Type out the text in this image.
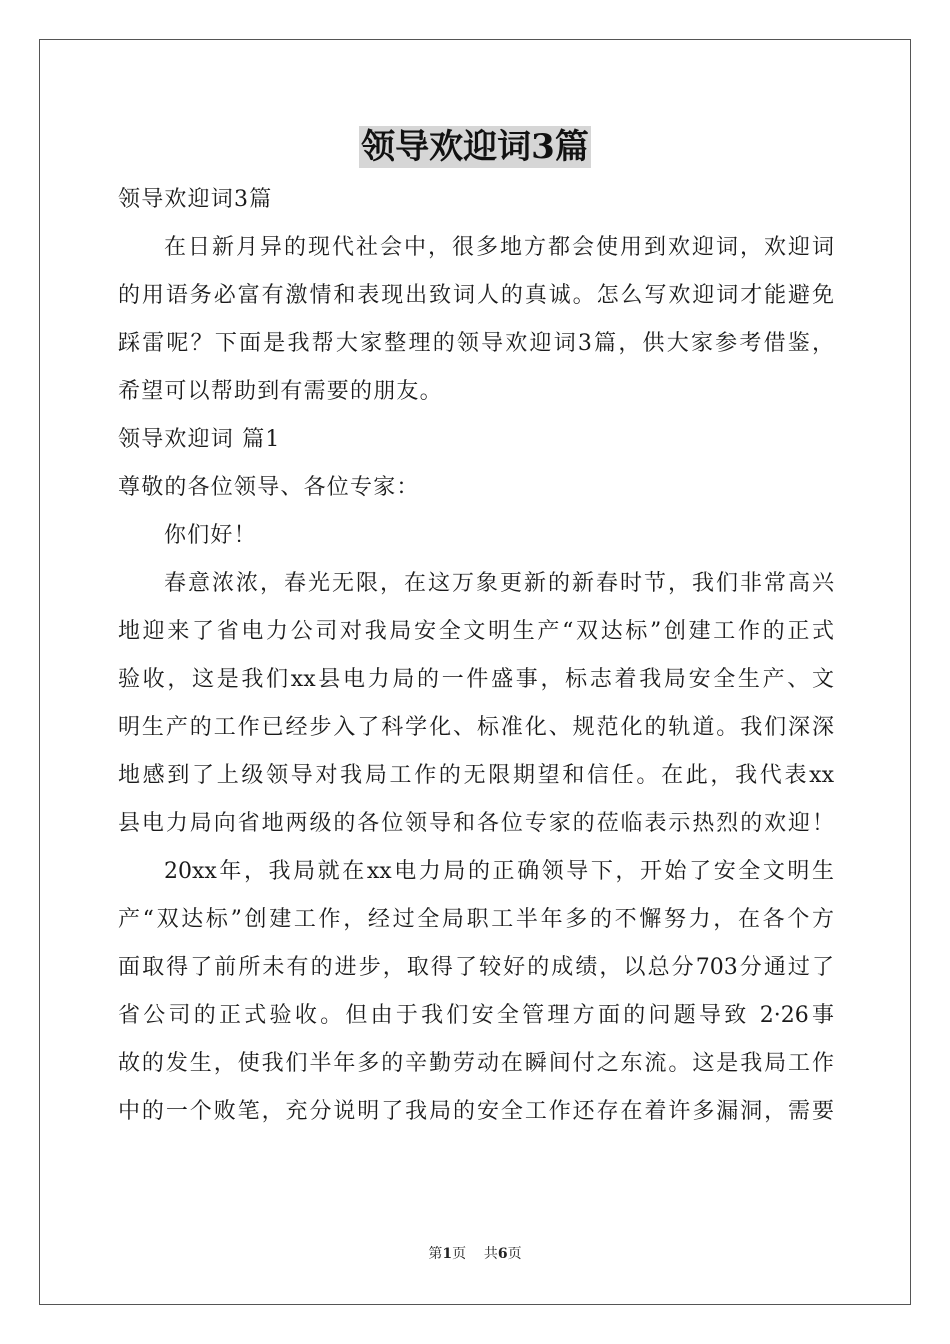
领导欢迎词3篇
领导欢迎词3篇
在日新月异的现代社会中，很多地方都会使用到欢迎词，欢迎词
的用语务必富有激情和表现出致词人的真诚。怎么写欢迎词才能避免
踩雷呢？下面是我帮大家整理的领导欢迎词3篇，供大家参考借鉴，
希望可以帮助到有需要的朋友。
领导欢迎词 篇1
尊敬的各位领导、各位专家：
你们好！
春意浓浓，春光无限，在这万象更新的新春时节，我们非常高兴
地迎来了省电力公司对我局安全文明生产“双达标”创建工作的正式
验收，这是我们xx县电力局的一件盛事，标志着我局安全生产、文
明生产的工作已经步入了科学化、标准化、规范化的轨道。我们深深
地感到了上级领导对我局工作的无限期望和信任。在此，我代表xx
县电力局向省地两级的各位领导和各位专家的莅临表示热烈的欢迎！
20xx年，我局就在xx电力局的正确领导下，开始了安全文明生
产“双达标”创建工作，经过全局职工半年多的不懈努力，在各个方
面取得了前所未有的进步，取得了较好的成绩，以总分703分通过了
省公司的正式验收。但由于我们安全管理方面的问题导致 2·26事
故的发生，使我们半年多的辛勤劳动在瞬间付之东流。这是我局工作
中的一个败笔，充分说明了我局的安全工作还存在着许多漏洞，需要
第1页 共6页
